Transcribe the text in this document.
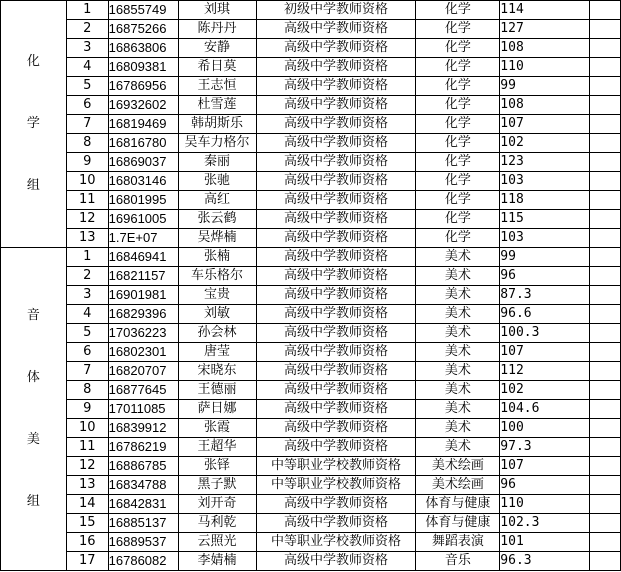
化
学
组	1	16855749	刘琪	初级中学教师资格	化学	114	
	2	16875266	陈丹丹	高级中学教师资格	化学	127	
	3	16863806	安静	高级中学教师资格	化学	108	
	4	16809381	希日莫	高级中学教师资格	化学	110	
	5	16786956	王志恒	高级中学教师资格	化学	99	
	6	16932602	杜雪莲	高级中学教师资格	化学	108	
	7	16819469	韩胡斯乐	高级中学教师资格	化学	107	
	8	16816780	吴车力格尔	高级中学教师资格	化学	102	
	9	16869037	秦丽	高级中学教师资格	化学	123	
	10	16803146	张驰	高级中学教师资格	化学	103	
	11	16801995	高红	高级中学教师资格	化学	118	
	12	16961005	张云鹤	高级中学教师资格	化学	115	
	13	1.7E+07	吴烨楠	高级中学教师资格	化学	103	

音
体
美
组	1	16846941	张楠	高级中学教师资格	美术	99	
	2	16821157	车乐格尔	高级中学教师资格	美术	96	
	3	16901981	宝贵	高级中学教师资格	美术	87.3	
	4	16829396	刘敏	高级中学教师资格	美术	96.6	
	5	17036223	孙会林	高级中学教师资格	美术	100.3	
	6	16802301	唐莹	高级中学教师资格	美术	107	
	7	16820707	宋晓东	高级中学教师资格	美术	112	
	8	16877645	王德丽	高级中学教师资格	美术	102	
	9	17011085	萨日娜	高级中学教师资格	美术	104.6	
	10	16839912	张霞	高级中学教师资格	美术	100	
	11	16786219	王超华	高级中学教师资格	美术	97.3	
	12	16886785	张铎	中等职业学校教师资格	美术绘画	107	
	13	16834788	黑子默	中等职业学校教师资格	美术绘画	96	
	14	16842831	刘开奇	高级中学教师资格	体育与健康	110	
	15	16885137	马利乾	高级中学教师资格	体育与健康	102.3	
	16	16889537	云照光	中等职业学校教师资格	舞蹈表演	101	
	17	16786082	李婧楠	高级中学教师资格	音乐	96.3	
